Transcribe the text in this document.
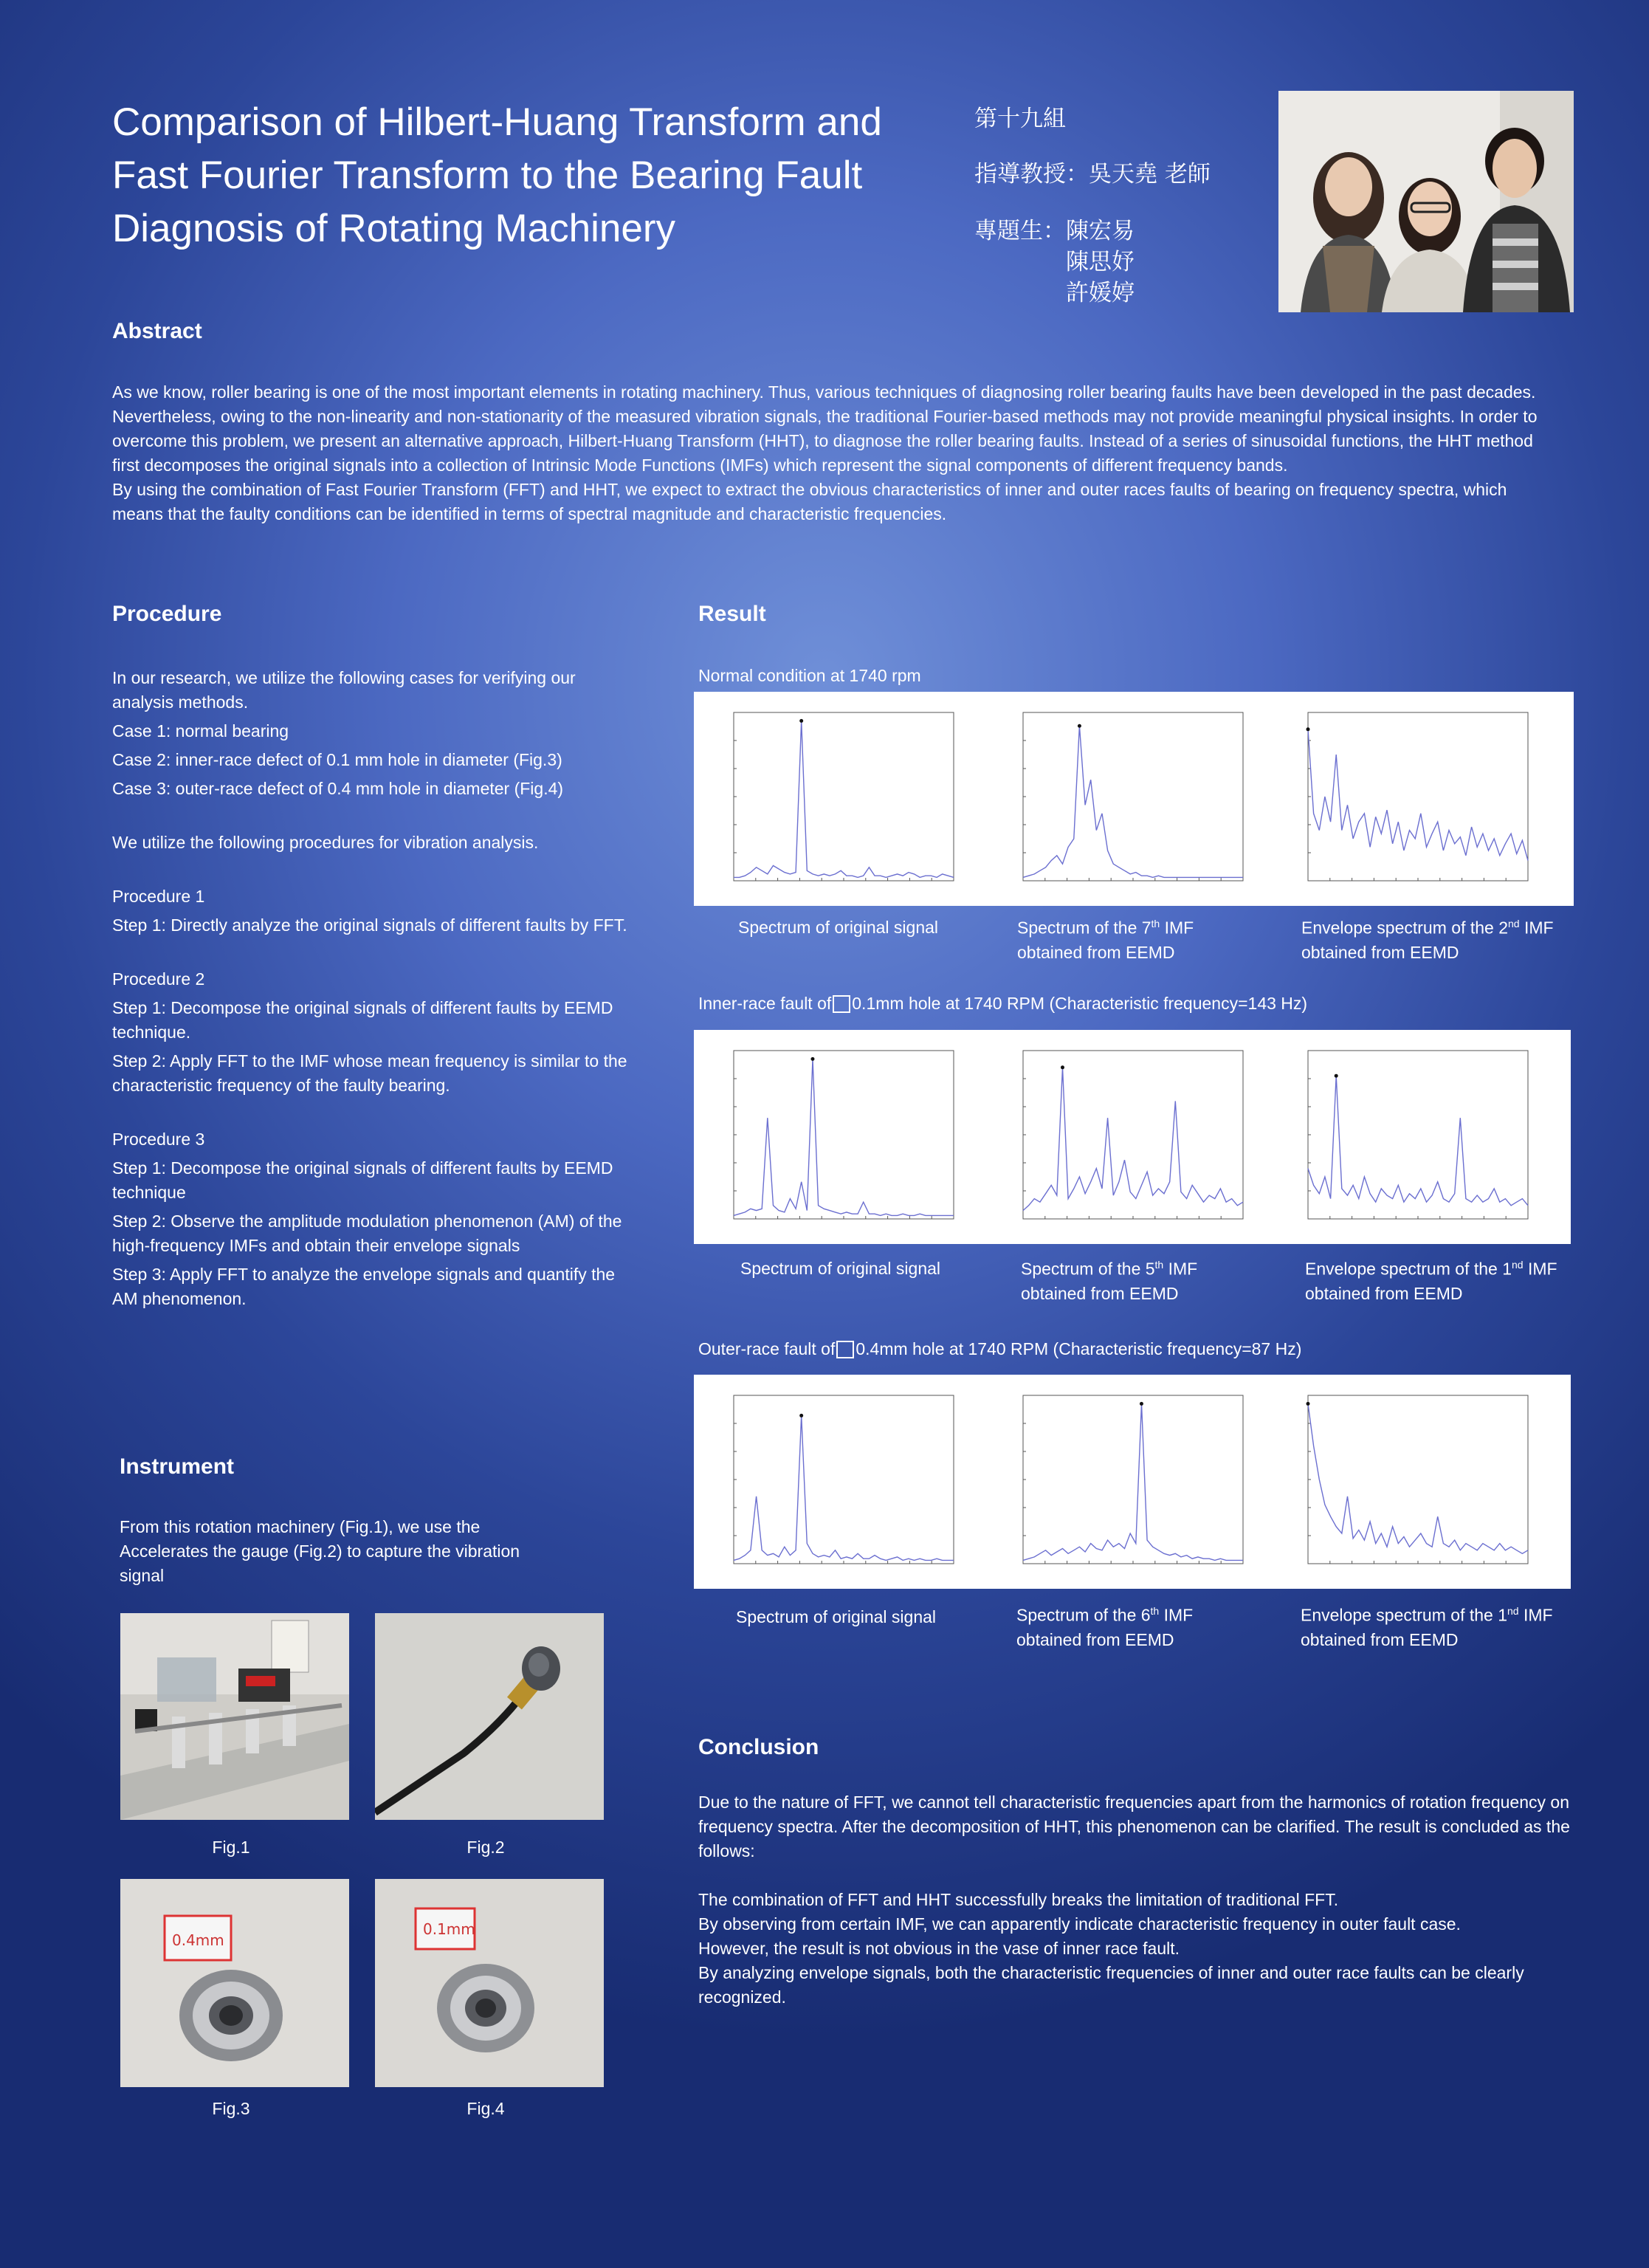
Comparison of Hilbert-Huang Transform and
Fast Fourier Transform to the Bearing Fault
Diagnosis of Rotating Machinery
第十九組
指導教授：吳天堯 老師
專題生： 陳宏易
陳思妤
許媛婷
Abstract

As we know, roller bearing is one of the most important elements in rotating machinery. Thus, various techniques of diagnosing roller bearing faults have been developed in the past decades. Nevertheless, owing to the non-linearity and non-stationarity of the measured vibration signals, the traditional Fourier-based methods may not provide meaningful physical insights. In order to overcome this problem, we present an alternative approach, Hilbert-Huang Transform (HHT), to diagnose the roller bearing faults. Instead of a series of sinusoidal functions, the HHT method first decomposes the original signals into a collection of Intrinsic Mode Functions (IMFs) which represent the signal components of different frequency bands.

By using the combination of Fast Fourier Transform (FFT) and HHT, we expect to extract the obvious characteristics of inner and outer races faults of bearing on frequency spectra, which means that the faulty conditions can be identified in terms of spectral magnitude and characteristic frequencies.

Procedure
In our research, we utilize the following cases for verifying our analysis methods.
Case 1: normal bearing
Case 2: inner-race defect of 0.1 mm hole in diameter (Fig.3)
Case 3: outer-race defect of 0.4 mm hole in diameter (Fig.4)
We utilize the following procedures for vibration analysis.
Procedure 1
Step 1: Directly analyze the original signals of different faults by FFT.
Procedure 2
Step 1: Decompose the original signals of different faults by EEMD technique.
Step 2: Apply FFT to the IMF whose mean frequency is similar to the characteristic frequency of the faulty bearing.
Procedure 3
Step 1: Decompose the original signals of different faults by EEMD technique
Step 2: Observe the amplitude modulation phenomenon (AM) of the high-frequency IMFs and obtain their envelope signals
Step 3: Apply FFT to analyze the envelope signals and quantify the AM phenomenon.
Result
Normal condition at 1740 rpm
Spectrum of original signal	Spectrum of the 7th IMF
obtained from EEMD
Envelope spectrum of the 2nd IMF
obtained from EEMD
Inner-race fault of 0.1mm hole at 1740 RPM (Characteristic frequency=143 Hz)
Spectrum of original signal	Spectrum of the 5th IMF
obtained from EEMD
Envelope spectrum of the 1nd IMF
obtained from EEMD
Outer-race fault of 0.4mm hole at 1740 RPM (Characteristic frequency=87 Hz)
Spectrum of original signal	Spectrum of the 6th IMF
obtained from EEMD
Envelope spectrum of the 1nd IMF
obtained from EEMD
Instrument
From this rotation machinery (Fig.1), we use the Accelerates the gauge (Fig.2) to capture the vibration signal
Fig.1	Fig.2
0.4mm
0.1mm
Fig.3	Fig.4
Conclusion

Due to the nature of FFT, we cannot tell characteristic frequencies apart from the harmonics of rotation frequency on frequency spectra. After the decomposition of HHT, this phenomenon can be clarified. The result is concluded as the follows:

The combination of FFT and HHT successfully breaks the limitation of traditional FFT.

By observing from certain IMF, we can apparently indicate characteristic frequency in outer fault case.

However, the result is not obvious in the vase of inner race fault.

By analyzing envelope signals, both the characteristic frequencies of inner and outer race faults can be clearly recognized.
